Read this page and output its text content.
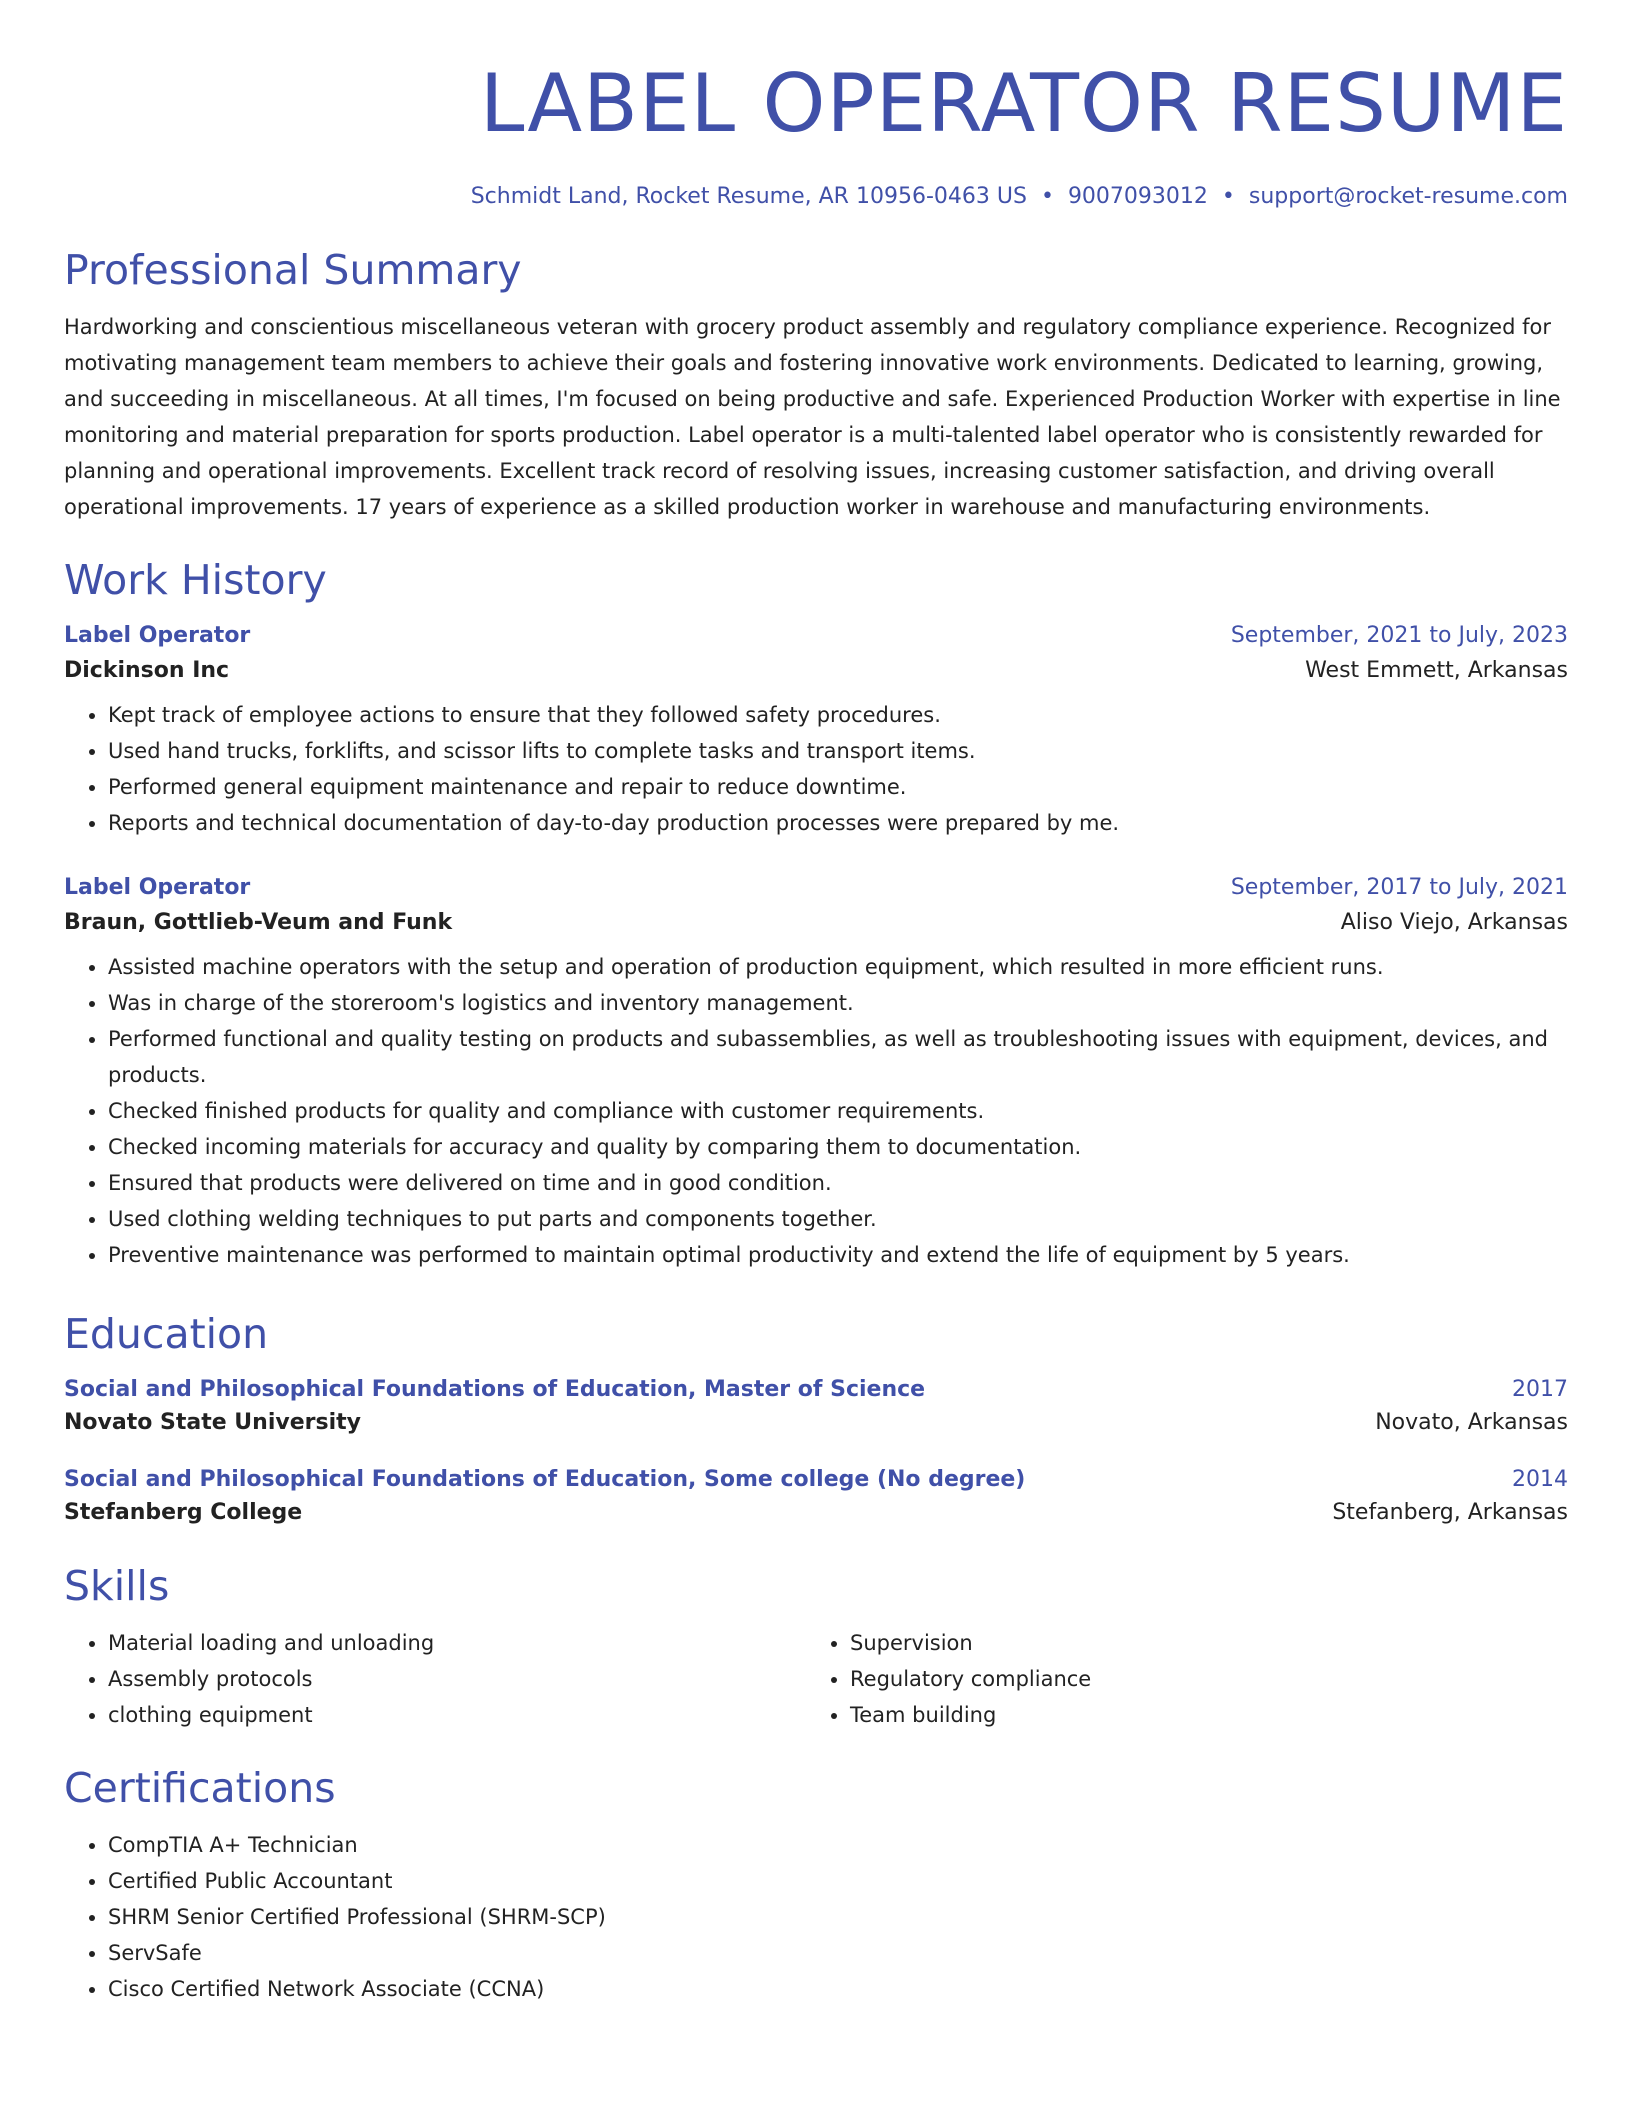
LABEL OPERATOR RESUME
Schmidt Land, Rocket Resume, AR 10956-0463 US • 9007093012 • support@rocket-resume.com
Professional Summary
Hardworking and conscientious miscellaneous veteran with grocery product assembly and regulatory compliance experience. Recognized for motivating management team members to achieve their goals and fostering innovative work environments. Dedicated to learning, growing, and succeeding in miscellaneous. At all times, I'm focused on being productive and safe. Experienced Production Worker with expertise in line monitoring and material preparation for sports production. Label operator is a multi-talented label operator who is consistently rewarded for planning and operational improvements. Excellent track record of resolving issues, increasing customer satisfaction, and driving overall operational improvements. 17 years of experience as a skilled production worker in warehouse and manufacturing environments.
Work History
Label Operator	September, 2021 to July, 2023
Dickinson Inc	West Emmett, Arkansas
• Kept track of employee actions to ensure that they followed safety procedures.
• Used hand trucks, forklifts, and scissor lifts to complete tasks and transport items.
• Performed general equipment maintenance and repair to reduce downtime.
• Reports and technical documentation of day-to-day production processes were prepared by me.
Label Operator	September, 2017 to July, 2021
Braun, Gottlieb-Veum and Funk	Aliso Viejo, Arkansas
• Assisted machine operators with the setup and operation of production equipment, which resulted in more efficient runs.
• Was in charge of the storeroom's logistics and inventory management.
• Performed functional and quality testing on products and subassemblies, as well as troubleshooting issues with equipment, devices, and products.
• Checked finished products for quality and compliance with customer requirements.
• Checked incoming materials for accuracy and quality by comparing them to documentation.
• Ensured that products were delivered on time and in good condition.
• Used clothing welding techniques to put parts and components together.
• Preventive maintenance was performed to maintain optimal productivity and extend the life of equipment by 5 years.
Education
Social and Philosophical Foundations of Education, Master of Science	2017
Novato State University	Novato, Arkansas
Social and Philosophical Foundations of Education, Some college (No degree)	2014
Stefanberg College	Stefanberg, Arkansas
Skills
• Material loading and unloading
• Assembly protocols
• clothing equipment
• Supervision
• Regulatory compliance
• Team building
Certifications
• CompTIA A+ Technician
• Certified Public Accountant
• SHRM Senior Certified Professional (SHRM-SCP)
• ServSafe
• Cisco Certified Network Associate (CCNA)
